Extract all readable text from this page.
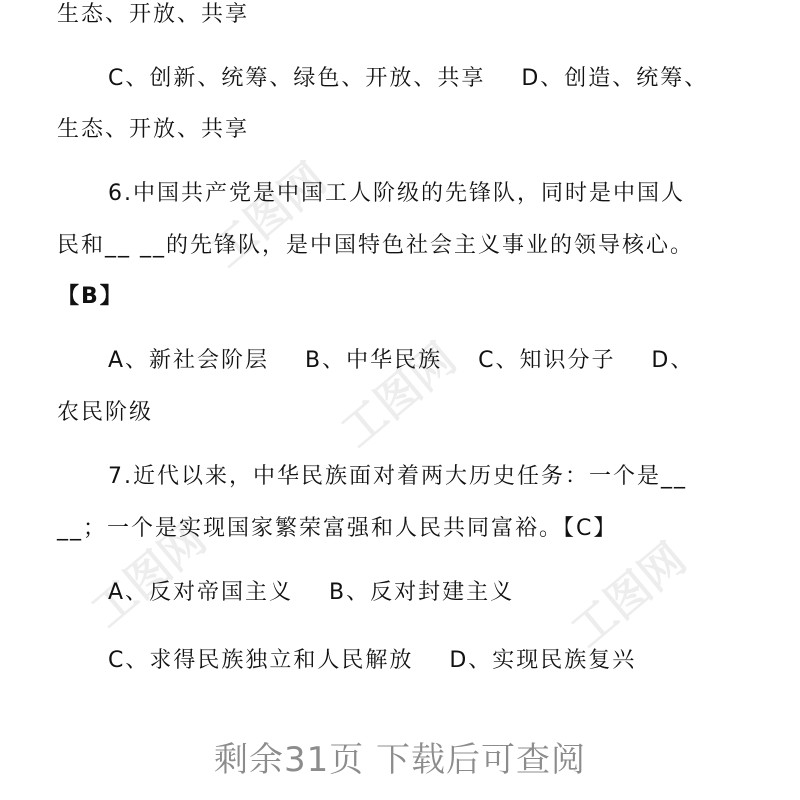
工图网
工图网
工图网	工图网
生态、开放、共享
C、创新、统筹、绿色、开放、共享    D、创造、统筹、
生态、开放、共享
6.中国共产党是中国工人阶级的先锋队，同时是中国人
民和__ __的先锋队，是中国特色社会主义事业的领导核心。
【B】
A、新社会阶层    B、中华民族    C、知识分子    D、
农民阶级
7.近代以来，中华民族面对着两大历史任务：一个是__
__；一个是实现国家繁荣富强和人民共同富裕。【C】
A、反对帝国主义    B、反对封建主义
C、求得民族独立和人民解放    D、实现民族复兴
剩余31页 下载后可查阅
